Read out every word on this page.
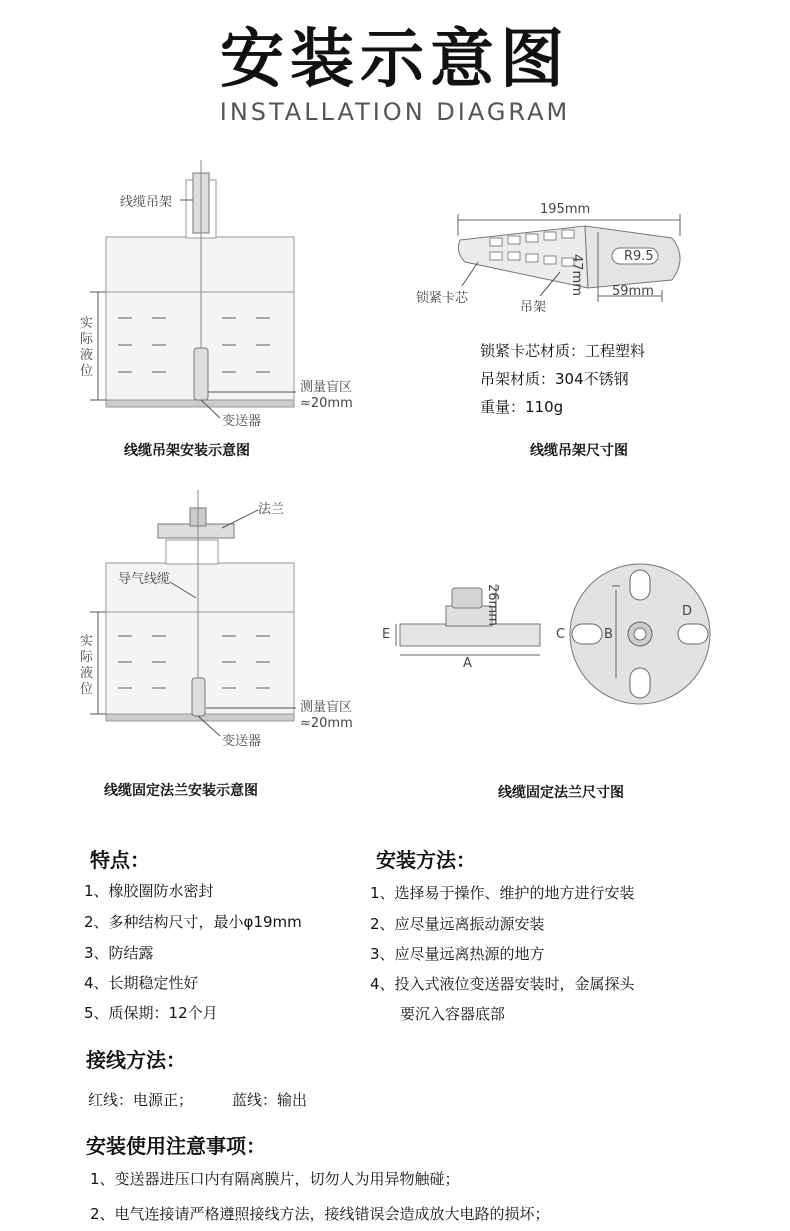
安装示意图
INSTALLATION DIAGRAM
线缆吊架
实
际
液
位
测量盲区
≈20mm
变送器
线缆吊架安装示意图
195mm
47mm	R9.5
59mm
锁紧卡芯
吊架
锁紧卡芯材质：工程塑料
吊架材质：304不锈钢
重量：110g
线缆吊架尺寸图
法兰
导气线缆
实
际
液
位
测量盲区
≈20mm
变送器
线缆固定法兰安装示意图
26mm
A
B
C
D
E
线缆固定法兰尺寸图
特点：
1、橡胶圈防水密封
2、多种结构尺寸，最小φ19mm
3、防结露
4、长期稳定性好
5、质保期：12个月
安装方法：
1、选择易于操作、维护的地方进行安装
2、应尽量远离振动源安装
3、应尽量远离热源的地方
4、投入式液位变送器安装时，金属探头
要沉入容器底部
接线方法：
红线：电源正；	蓝线：输出
安装使用注意事项：
1、变送器进压口内有隔离膜片，切勿人为用异物触碰；
2、电气连接请严格遵照接线方法，接线错误会造成放大电路的损坏；
